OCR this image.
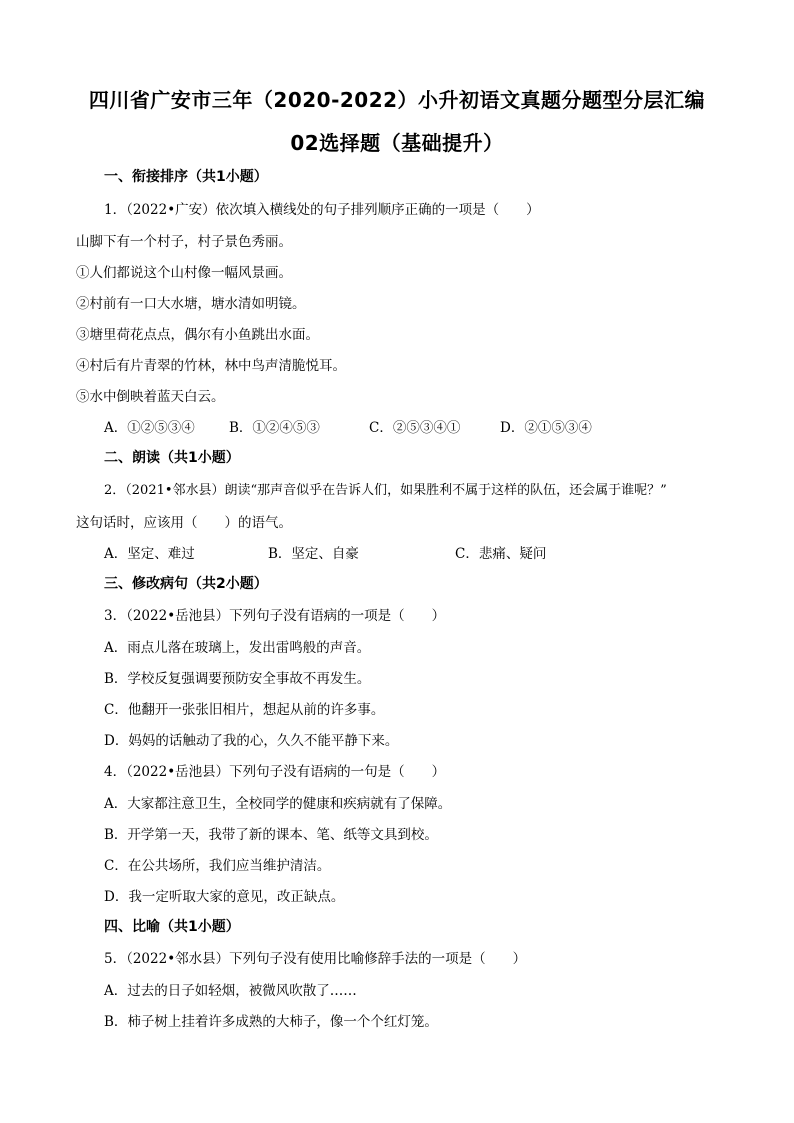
四川省广安市三年（2020-2022）小升初语文真题分题型分层汇编
02选择题（基础提升）
一、衔接排序（共1小题）
1．（2022•广安）依次填入横线处的句子排列顺序正确的一项是（　　）
山脚下有一个村子，村子景色秀丽。
①人们都说这个山村像一幅风景画。
②村前有一口大水塘，塘水清如明镜。
③塘里荷花点点，偶尔有小鱼跳出水面。
④村后有片青翠的竹林，林中鸟声清脆悦耳。
⑤水中倒映着蓝天白云。
A．①②⑤③④	B．①②④⑤③	C．②⑤③④①	D．②①⑤③④
二、朗读（共1小题）
2．（2021•邻水县）朗读“那声音似乎在告诉人们，如果胜利不属于这样的队伍，还会属于谁呢？”
这句话时，应该用（　　）的语气。
A．坚定、难过	B．坚定、自豪	C．悲痛、疑问
三、修改病句（共2小题）
3．（2022•岳池县）下列句子没有语病的一项是（　　）
A．雨点儿落在玻璃上，发出雷鸣般的声音。
B．学校反复强调要预防安全事故不再发生。
C．他翻开一张张旧相片，想起从前的许多事。
D．妈妈的话触动了我的心，久久不能平静下来。
4．（2022•岳池县）下列句子没有语病的一句是（　　）
A．大家都注意卫生，全校同学的健康和疾病就有了保障。
B．开学第一天，我带了新的课本、笔、纸等文具到校。
C．在公共场所，我们应当维护清洁。
D．我一定听取大家的意见，改正缺点。
四、比喻（共1小题）
5．（2022•邻水县）下列句子没有使用比喻修辞手法的一项是（　　）
A．过去的日子如轻烟，被微风吹散了……
B．柿子树上挂着许多成熟的大柿子，像一个个红灯笼。
